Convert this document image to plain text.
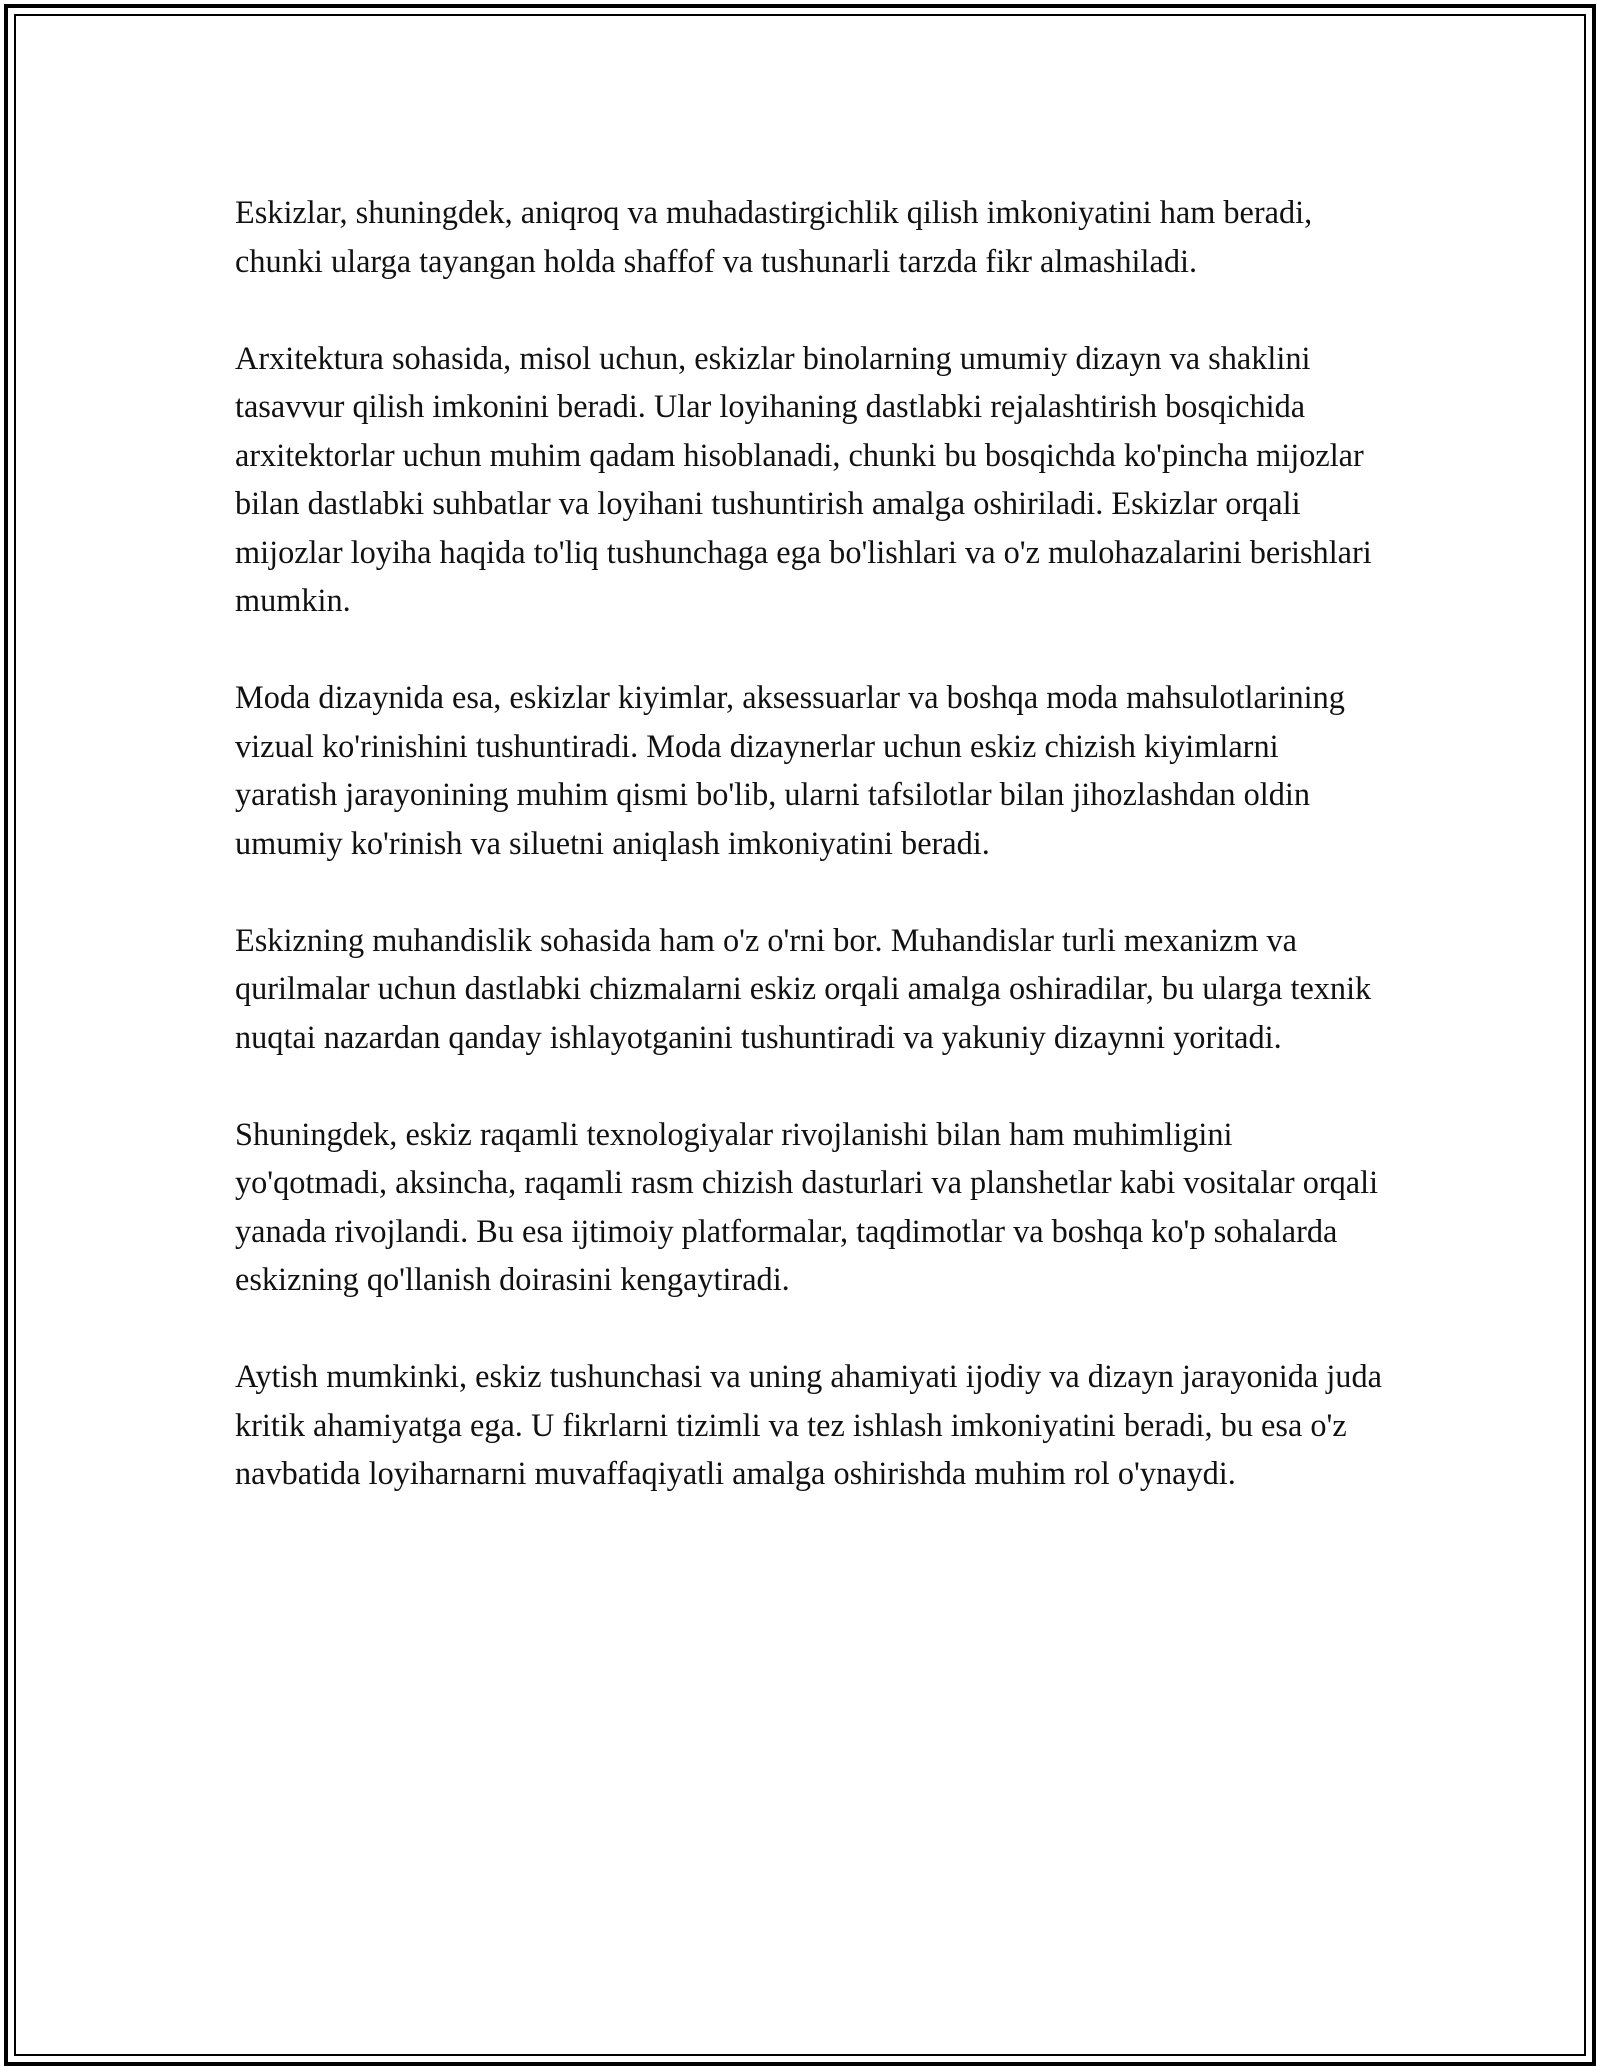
Eskizlar, shuningdek, aniqroq va muhadastirgichlik qilish imkoniyatini ham beradi, chunki ularga tayangan holda shaffof va tushunarli tarzda fikr almashiladi.

Arxitektura sohasida, misol uchun, eskizlar binolarning umumiy dizayn va shaklini tasavvur qilish imkonini beradi. Ular loyihaning dastlabki rejalashtirish bosqichida arxitektorlar uchun muhim qadam hisoblanadi, chunki bu bosqichda ko'pincha mijozlar bilan dastlabki suhbatlar va loyihani tushuntirish amalga oshiriladi. Eskizlar orqali mijozlar loyiha haqida to'liq tushunchaga ega bo'lishlari va o'z mulohazalarini berishlari mumkin.

Moda dizaynida esa, eskizlar kiyimlar, aksessuarlar va boshqa moda mahsulotlarining vizual ko'rinishini tushuntiradi. Moda dizaynerlar uchun eskiz chizish kiyimlarni yaratish jarayonining muhim qismi bo'lib, ularni tafsilotlar bilan jihozlashdan oldin umumiy ko'rinish va siluetni aniqlash imkoniyatini beradi.

Eskizning muhandislik sohasida ham o'z o'rni bor. Muhandislar turli mexanizm va qurilmalar uchun dastlabki chizmalarni eskiz orqali amalga oshiradilar, bu ularga texnik nuqtai nazardan qanday ishlayotganini tushuntiradi va yakuniy dizaynni yoritadi.

Shuningdek, eskiz raqamli texnologiyalar rivojlanishi bilan ham muhimligini yo'qotmadi, aksincha, raqamli rasm chizish dasturlari va planshetlar kabi vositalar orqali yanada rivojlandi. Bu esa ijtimoiy platformalar, taqdimotlar va boshqa ko'p sohalarda eskizning qo'llanish doirasini kengaytiradi.

Aytish mumkinki, eskiz tushunchasi va uning ahamiyati ijodiy va dizayn jarayonida juda kritik ahamiyatga ega. U fikrlarni tizimli va tez ishlash imkoniyatini beradi, bu esa o'z navbatida loyiharnarni muvaffaqiyatli amalga oshirishda muhim rol o'ynaydi.
